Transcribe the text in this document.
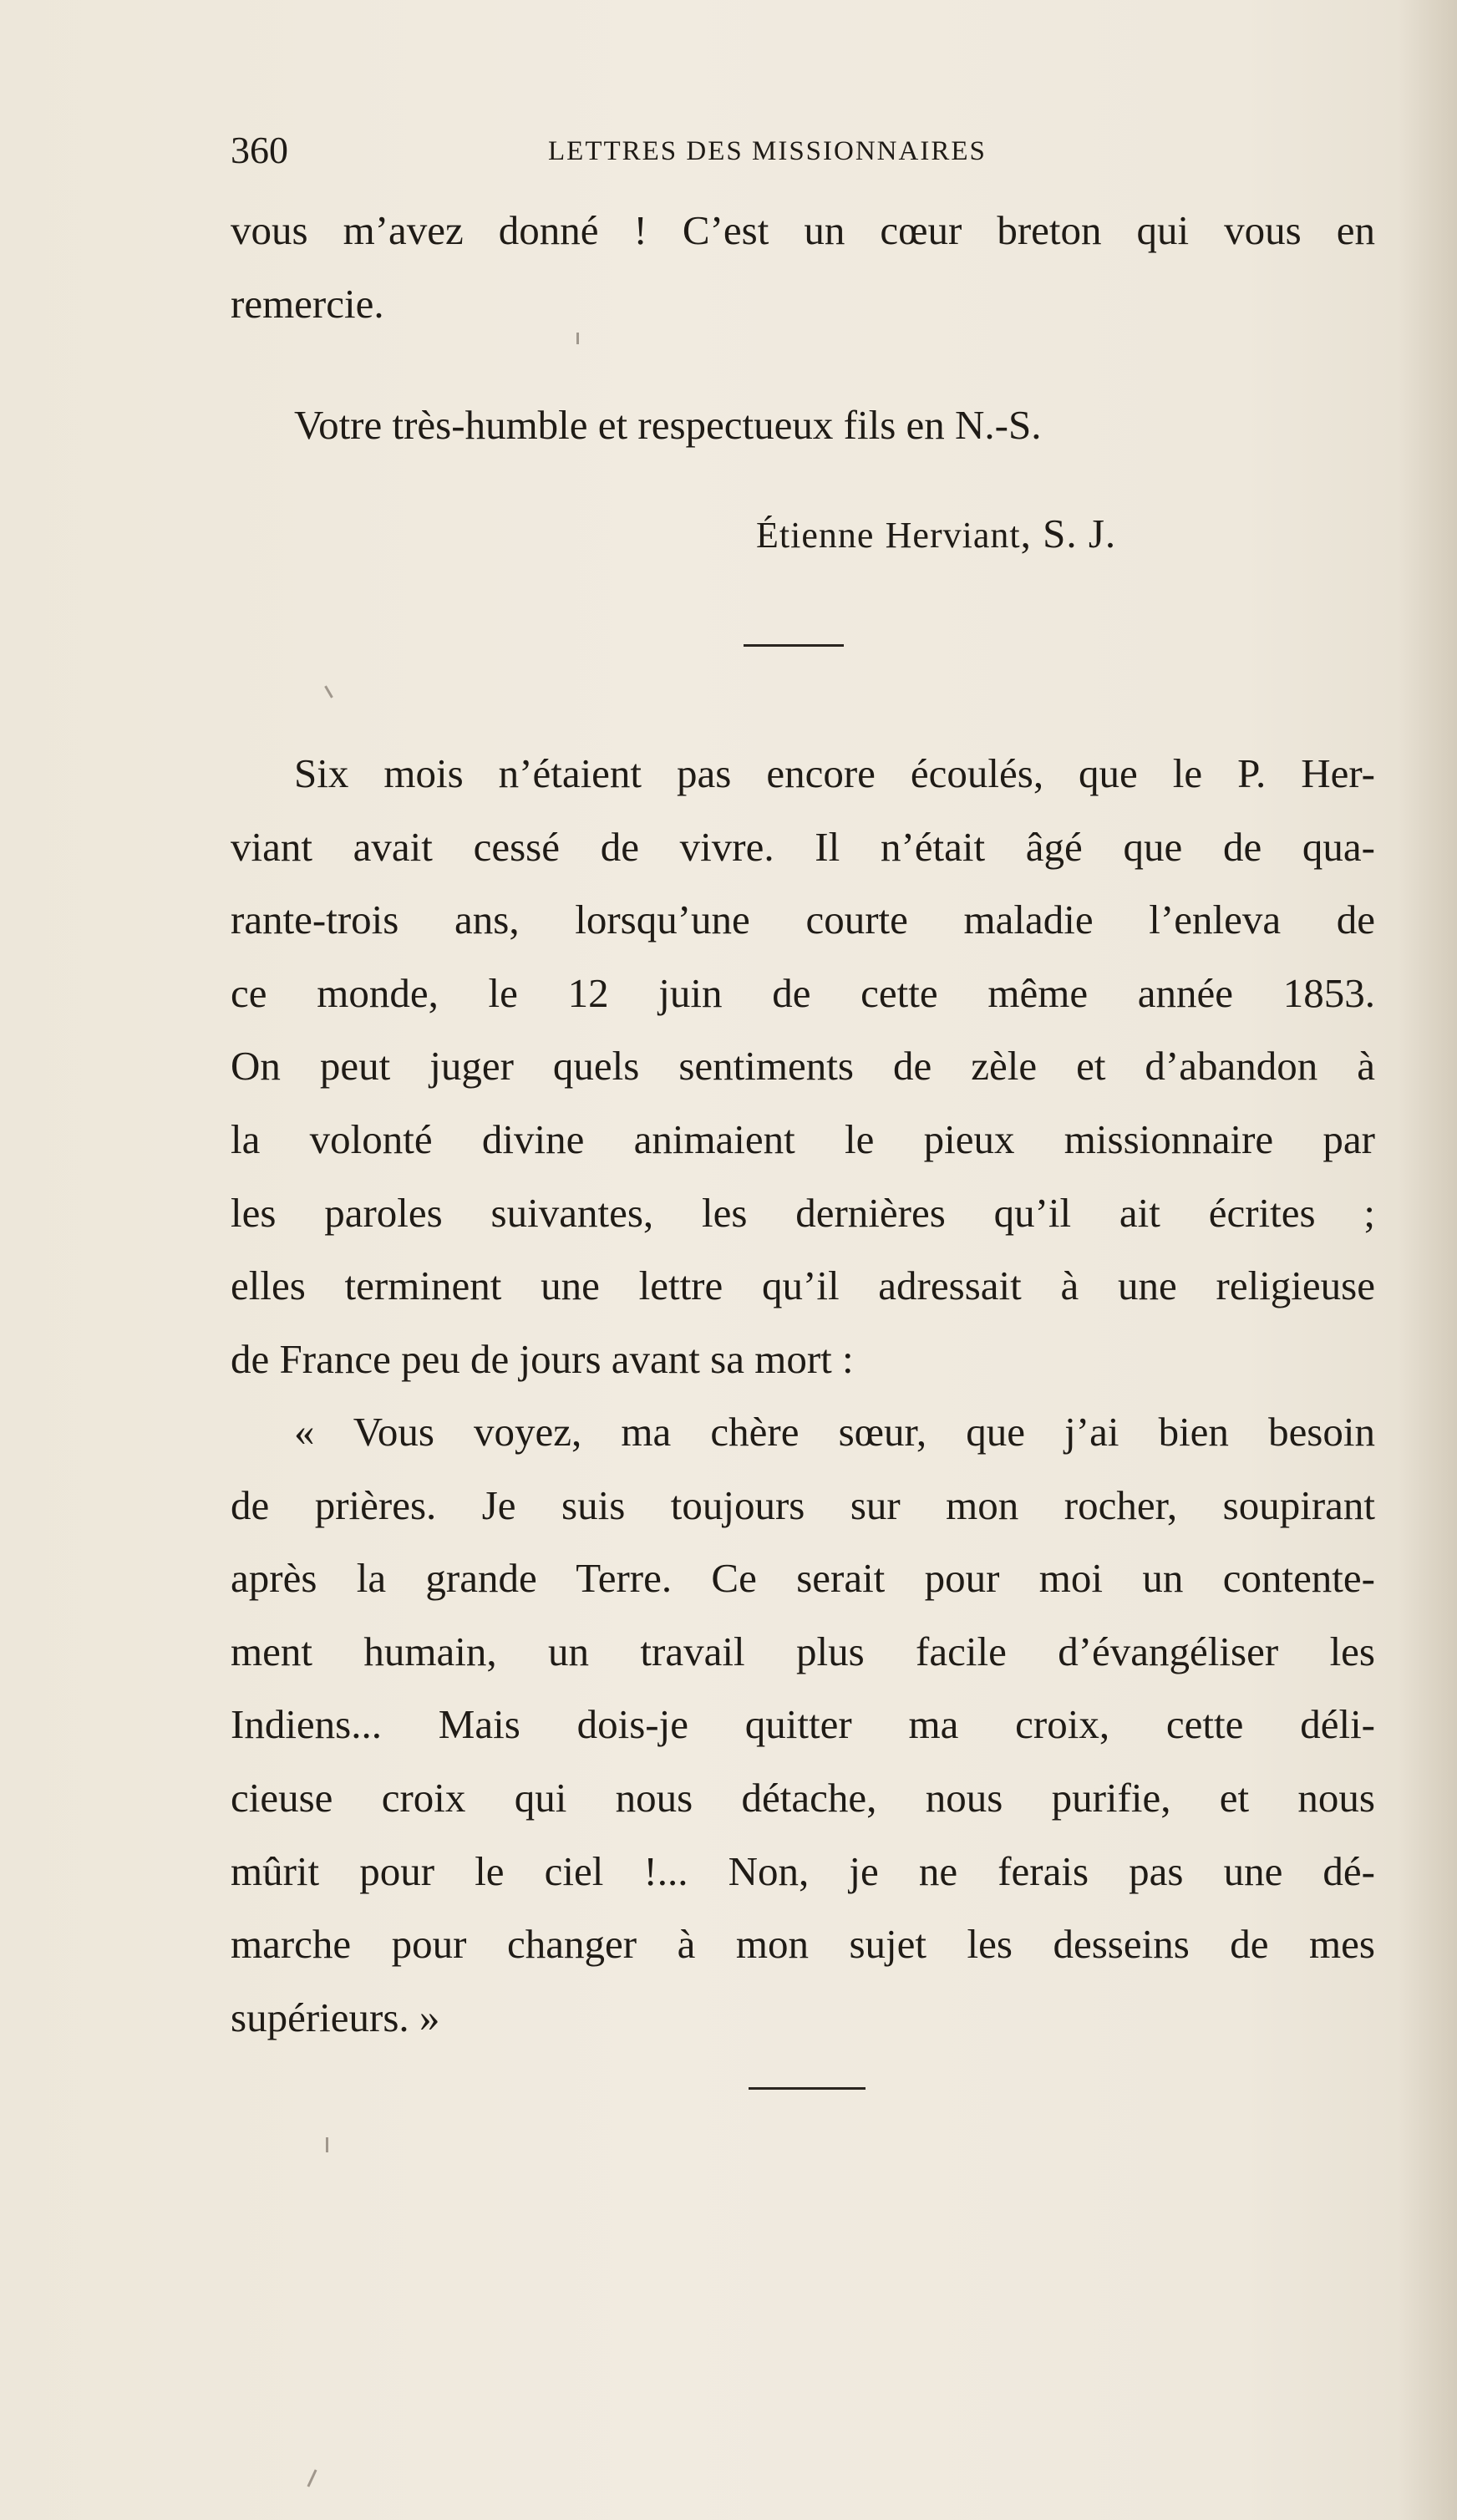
360	LETTRES DES MISSIONNAIRES

vous m’avez donné ! C’est un cœur breton qui vous en
remercie.

Votre très-humble et respectueux fils en N.-S.
Étienne Herviant, S. J.

Six mois n’étaient pas encore écoulés, que le P. Her-
viant avait cessé de vivre. Il n’était âgé que de qua-
rante-trois ans, lorsqu’une courte maladie l’enleva de
ce monde, le 12 juin de cette même année 1853.
On peut juger quels sentiments de zèle et d’abandon à
la volonté divine animaient le pieux missionnaire par
les paroles suivantes, les dernières qu’il ait écrites ;
elles terminent une lettre qu’il adressait à une religieuse
de France peu de jours avant sa mort :

« Vous voyez, ma chère sœur, que j’ai bien besoin
de prières. Je suis toujours sur mon rocher, soupirant
après la grande Terre. Ce serait pour moi un contente-
ment humain, un travail plus facile d’évangéliser les
Indiens... Mais dois-je quitter ma croix, cette déli-
cieuse croix qui nous détache, nous purifie, et nous
mûrit pour le ciel !... Non, je ne ferais pas une dé-
marche pour changer à mon sujet les desseins de mes
supérieurs. »
